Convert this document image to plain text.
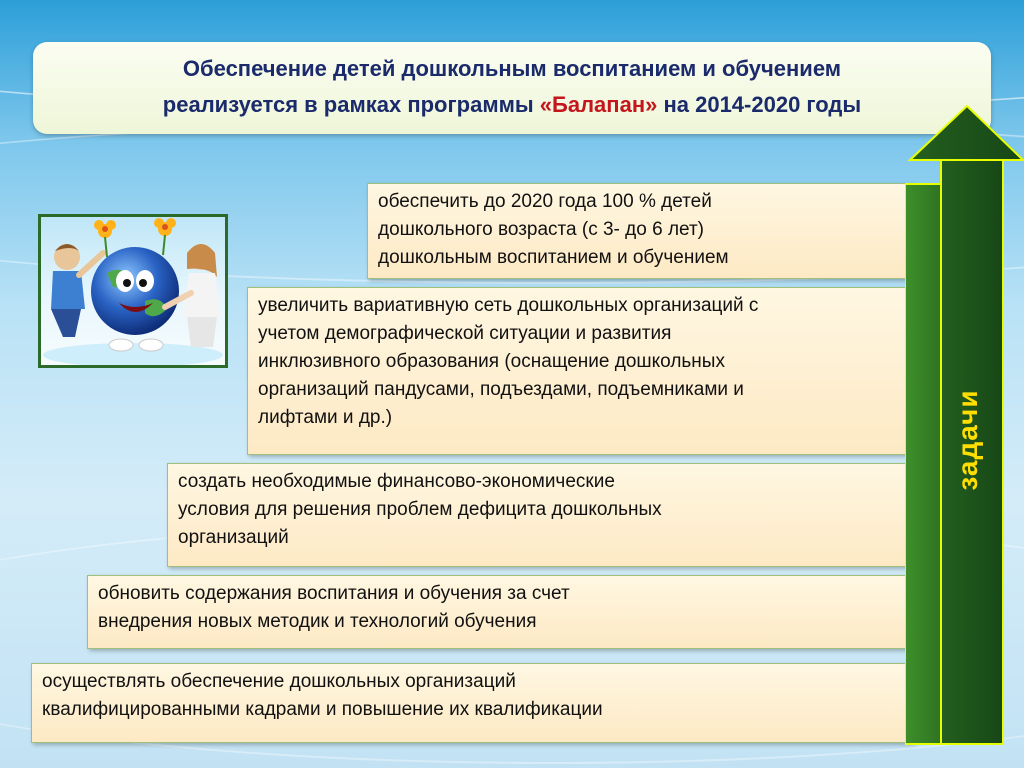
Обеспечение детей дошкольным воспитанием и обучением
реализуется в рамках программы «Балапан» на 2014-2020 годы
обеспечить до 2020 года 100 % детей
дошкольного возраста (с 3- до 6 лет)
дошкольным воспитанием и обучением
увеличить вариативную сеть дошкольных организаций с
учетом демографической ситуации и развития
инклюзивного образования (оснащение дошкольных
организаций пандусами, подъездами, подъемниками и
лифтами и др.)
создать необходимые финансово-экономические
условия для решения проблем дефицита дошкольных
организаций
обновить содержания воспитания и обучения за счет
внедрения новых методик и технологий обучения
осуществлять обеспечение дошкольных организаций
квалифицированными кадрами и повышение их квалификации
задачи
